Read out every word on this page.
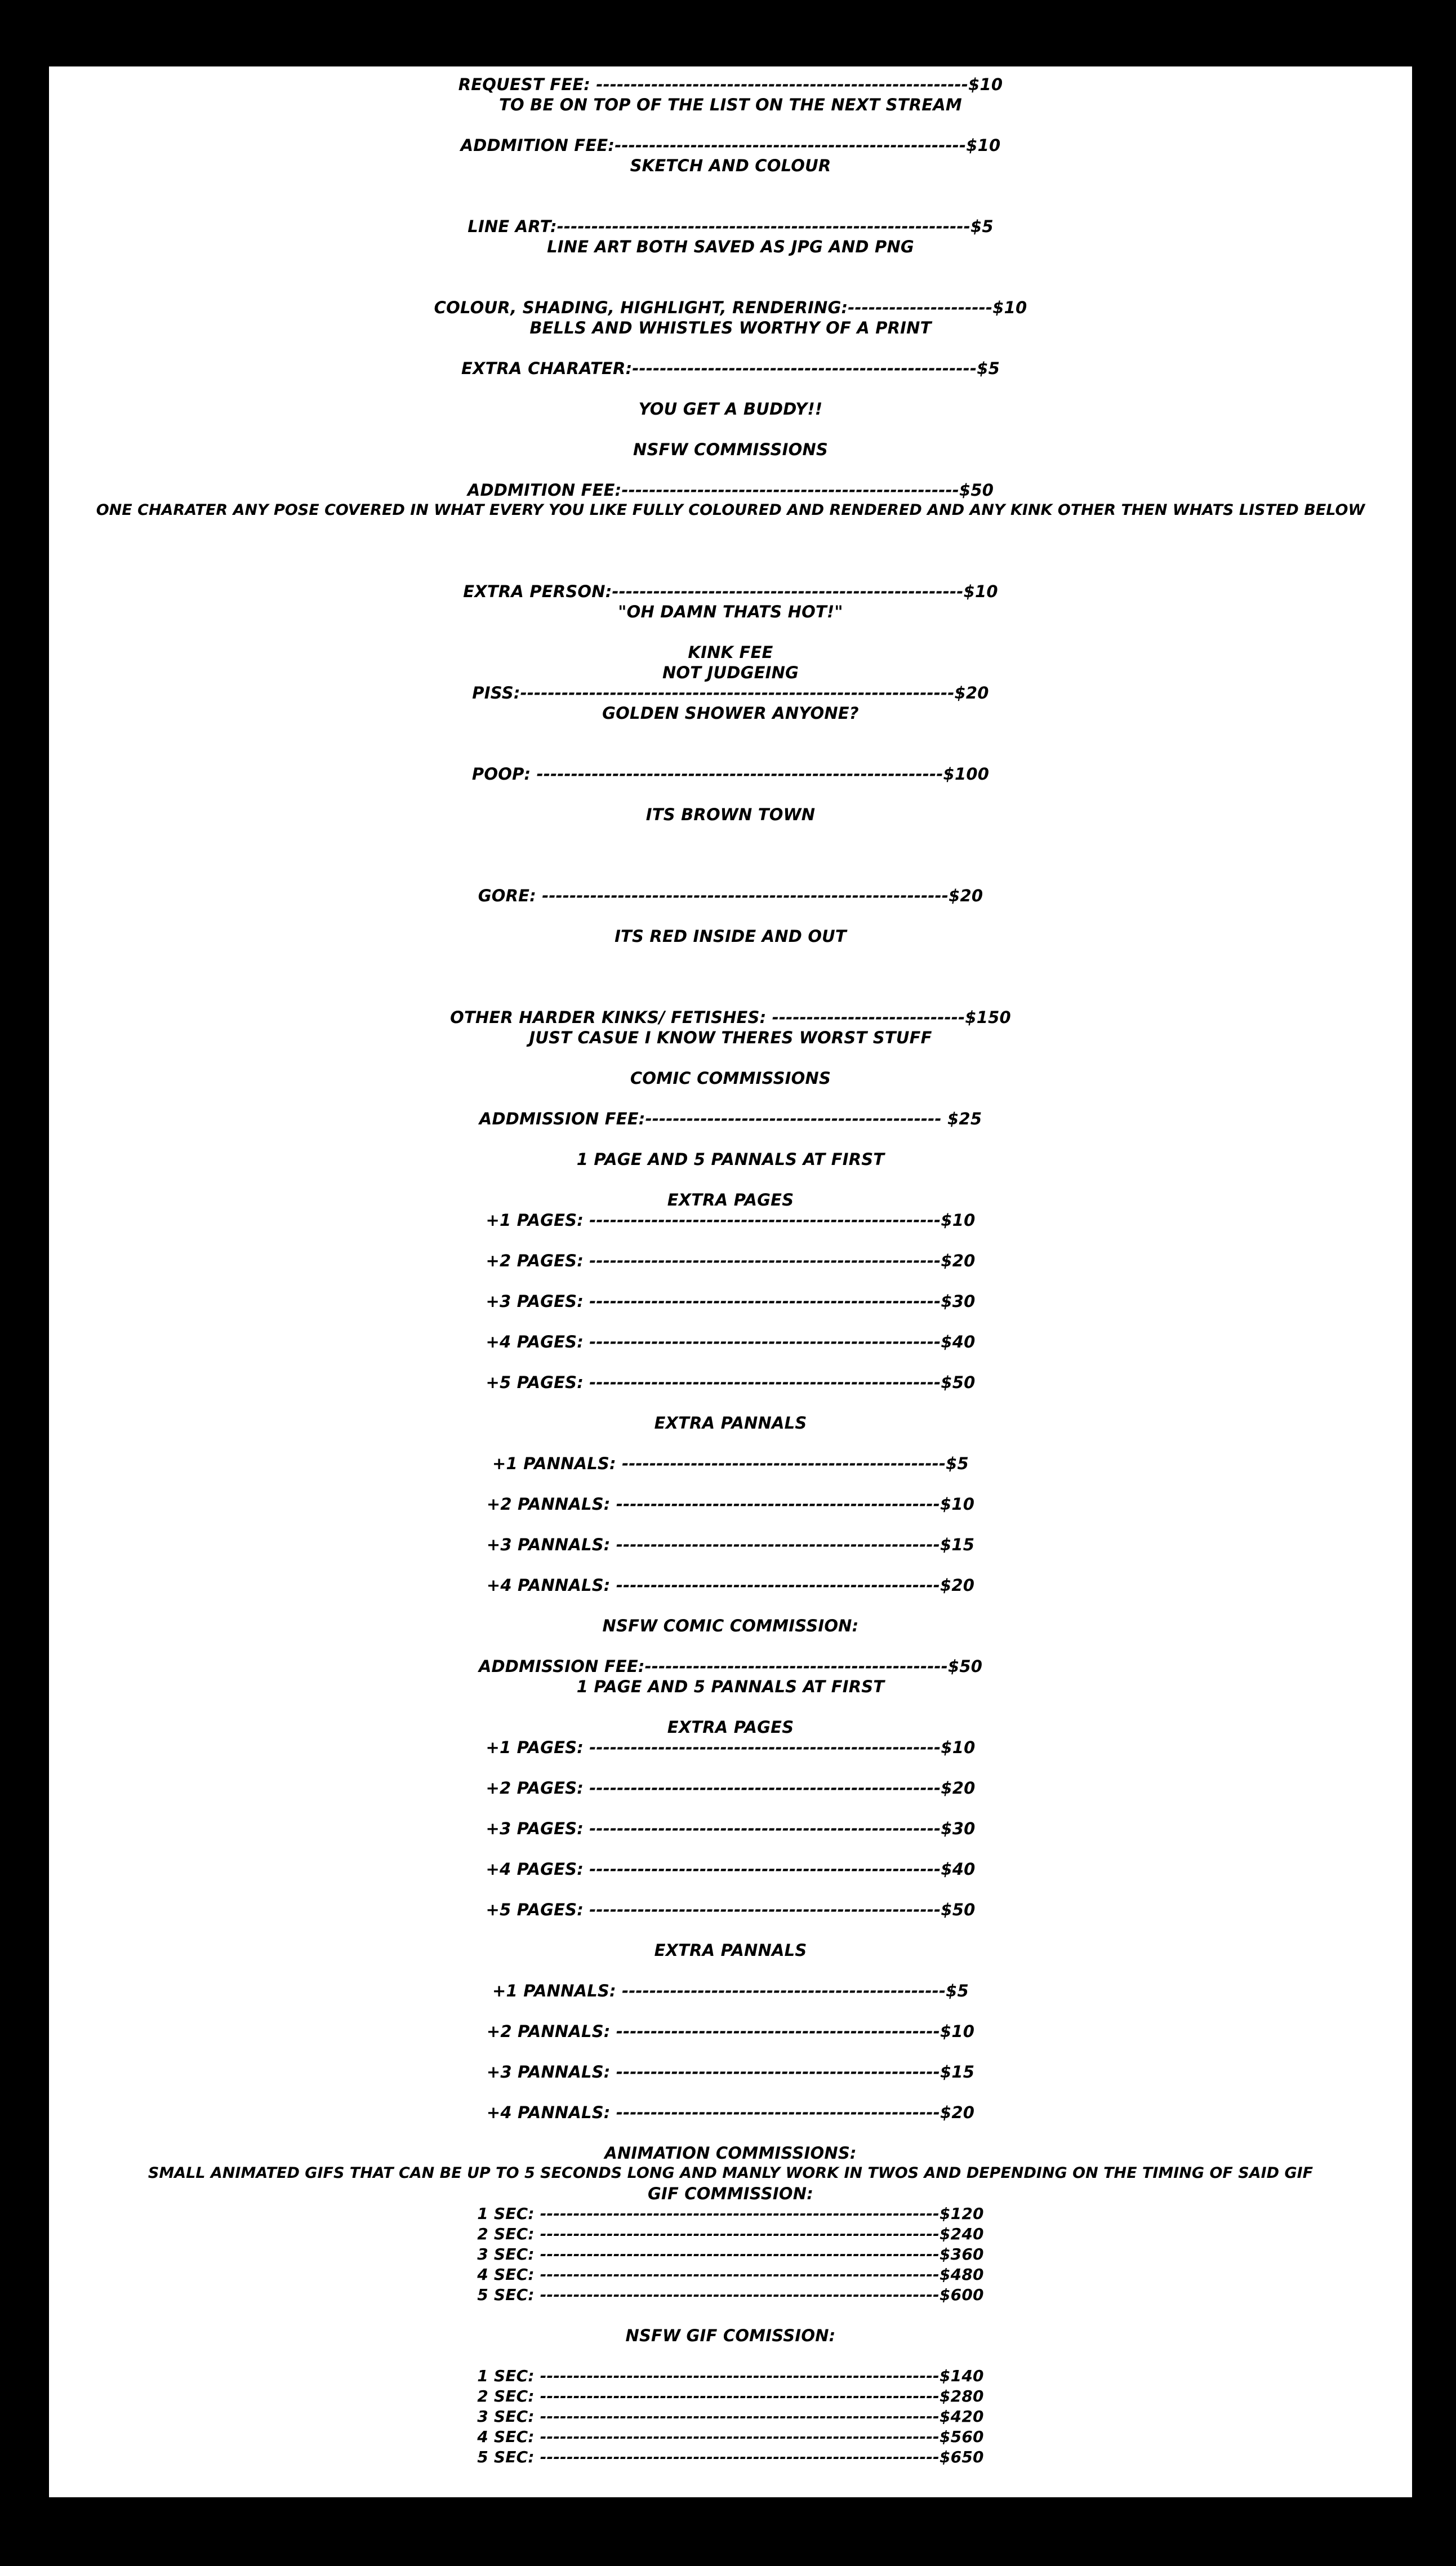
REQUEST FEE: ------------------------------------------------------$10
TO BE ON TOP OF THE LIST ON THE NEXT STREAM
ADDMITION FEE:---------------------------------------------------$10
SKETCH AND COLOUR
LINE ART:------------------------------------------------------------$5
LINE ART BOTH SAVED AS JPG AND PNG
COLOUR, SHADING, HIGHLIGHT, RENDERING:---------------------$10
BELLS AND WHISTLES WORTHY OF A PRINT
EXTRA CHARATER:--------------------------------------------------$5
YOU GET A BUDDY!!
NSFW COMMISSIONS
ADDMITION FEE:-------------------------------------------------$50
ONE CHARATER ANY POSE COVERED IN WHAT EVERY YOU LIKE FULLY COLOURED AND RENDERED AND ANY KINK OTHER THEN WHATS LISTED BELOW
EXTRA PERSON:---------------------------------------------------$10
"OH DAMN THATS HOT!"
KINK FEE
NOT JUDGEING
PISS:---------------------------------------------------------------$20
GOLDEN SHOWER ANYONE?
POOP: -----------------------------------------------------------$100
ITS BROWN TOWN
GORE: -----------------------------------------------------------$20
ITS RED INSIDE AND OUT
OTHER HARDER KINKS/ FETISHES: ----------------------------$150
JUST CASUE I KNOW THERES WORST STUFF
COMIC COMMISSIONS
ADDMISSION FEE:------------------------------------------- $25
1 PAGE AND 5 PANNALS AT FIRST
EXTRA PAGES
+1 PAGES: ---------------------------------------------------$10
+2 PAGES: ---------------------------------------------------$20
+3 PAGES: ---------------------------------------------------$30
+4 PAGES: ---------------------------------------------------$40
+5 PAGES: ---------------------------------------------------$50
EXTRA PANNALS
+1 PANNALS: -----------------------------------------------$5
+2 PANNALS: -----------------------------------------------$10
+3 PANNALS: -----------------------------------------------$15
+4 PANNALS: -----------------------------------------------$20
NSFW COMIC COMMISSION:
ADDMISSION FEE:--------------------------------------------$50
1 PAGE AND 5 PANNALS AT FIRST
EXTRA PAGES
+1 PAGES: ---------------------------------------------------$10
+2 PAGES: ---------------------------------------------------$20
+3 PAGES: ---------------------------------------------------$30
+4 PAGES: ---------------------------------------------------$40
+5 PAGES: ---------------------------------------------------$50
EXTRA PANNALS
+1 PANNALS: -----------------------------------------------$5
+2 PANNALS: -----------------------------------------------$10
+3 PANNALS: -----------------------------------------------$15
+4 PANNALS: -----------------------------------------------$20
ANIMATION COMMISSIONS:
SMALL ANIMATED GIFS THAT CAN BE UP TO 5 SECONDS LONG AND MANLY WORK IN TWOS AND DEPENDING ON THE TIMING OF SAID GIF
GIF COMMISSION:
1 SEC: ------------------------------------------------------------$120
2 SEC: ------------------------------------------------------------$240
3 SEC: ------------------------------------------------------------$360
4 SEC: ------------------------------------------------------------$480
5 SEC: ------------------------------------------------------------$600
NSFW GIF COMISSION:
1 SEC: ------------------------------------------------------------$140
2 SEC: ------------------------------------------------------------$280
3 SEC: ------------------------------------------------------------$420
4 SEC: ------------------------------------------------------------$560
5 SEC: ------------------------------------------------------------$650
